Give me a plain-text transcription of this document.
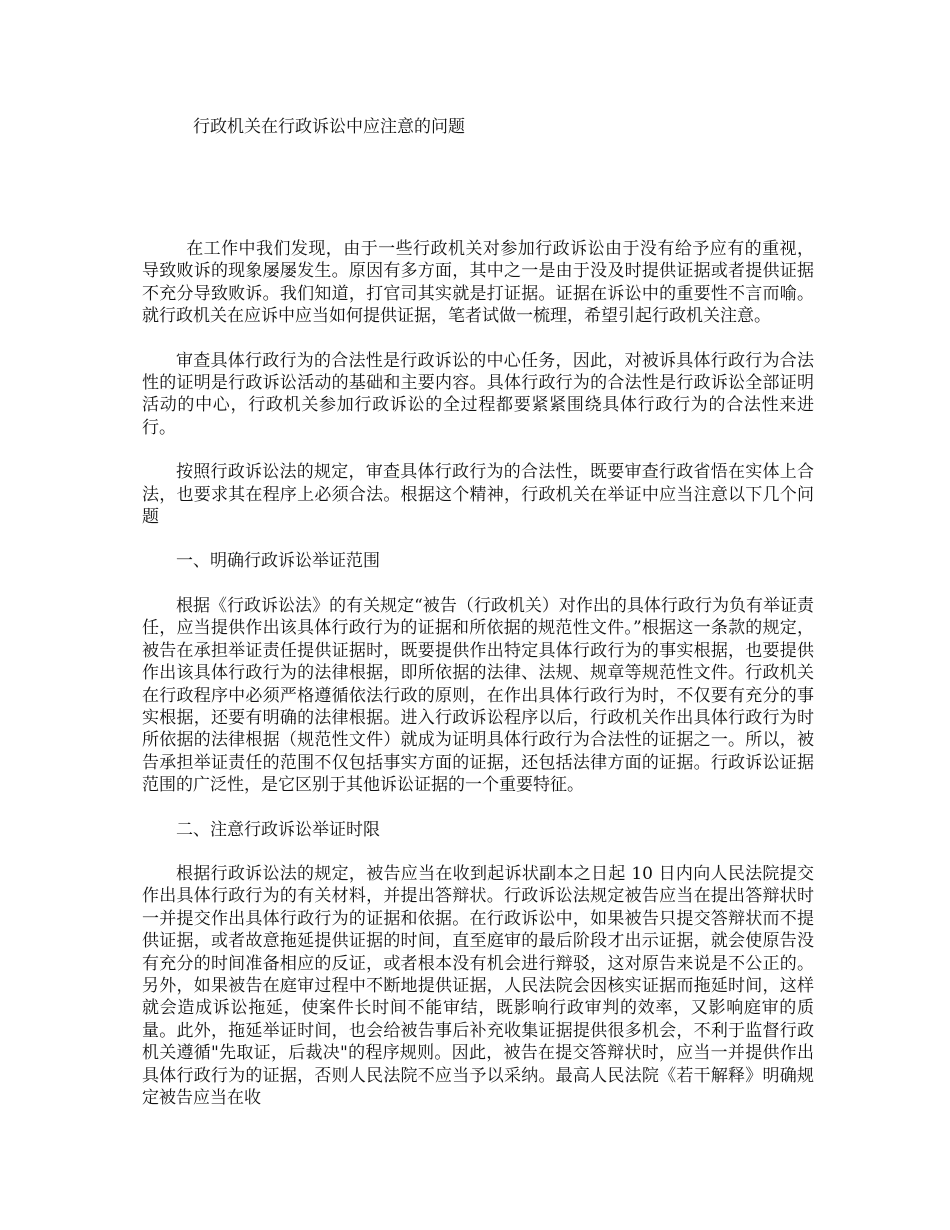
行政机关在行政诉讼中应注意的问题

在工作中我们发现，由于一些行政机关对参加行政诉讼由于没有给予应有的重视，导致败诉的现象屡屡发生。原因有多方面，其中之一是由于没及时提供证据或者提供证据不充分导致败诉。我们知道，打官司其实就是打证据。证据在诉讼中的重要性不言而喻。就行政机关在应诉中应当如何提供证据，笔者试做一梳理，希望引起行政机关注意。

审查具体行政行为的合法性是行政诉讼的中心任务，因此，对被诉具体行政行为合法性的证明是行政诉讼活动的基础和主要内容。具体行政行为的合法性是行政诉讼全部证明活动的中心，行政机关参加行政诉讼的全过程都要紧紧围绕具体行政行为的合法性来进行。

按照行政诉讼法的规定，审查具体行政行为的合法性，既要审查行政省悟在实体上合法，也要求其在程序上必须合法。根据这个精神，行政机关在举证中应当注意以下几个问题

一、明确行政诉讼举证范围

根据《行政诉讼法》的有关规定“被告（行政机关）对作出的具体行政行为负有举证责任，应当提供作出该具体行政行为的证据和所依据的规范性文件。”根据这一条款的规定，被告在承担举证责任提供证据时，既要提供作出特定具体行政行为的事实根据，也要提供作出该具体行政行为的法律根据，即所依据的法律、法规、规章等规范性文件。行政机关在行政程序中必须严格遵循依法行政的原则，在作出具体行政行为时，不仅要有充分的事实根据，还要有明确的法律根据。进入行政诉讼程序以后，行政机关作出具体行政行为时所依据的法律根据（规范性文件）就成为证明具体行政行为合法性的证据之一。所以，被告承担举证责任的范围不仅包括事实方面的证据，还包括法律方面的证据。行政诉讼证据范围的广泛性，是它区别于其他诉讼证据的一个重要特征。

二、注意行政诉讼举证时限

根据行政诉讼法的规定，被告应当在收到起诉状副本之日起 10 日内向人民法院提交作出具体行政行为的有关材料，并提出答辩状。行政诉讼法规定被告应当在提出答辩状时一并提交作出具体行政行为的证据和依据。在行政诉讼中，如果被告只提交答辩状而不提供证据，或者故意拖延提供证据的时间，直至庭审的最后阶段才出示证据，就会使原告没有充分的时间准备相应的反证，或者根本没有机会进行辩驳，这对原告来说是不公正的。另外，如果被告在庭审过程中不断地提供证据，人民法院会因核实证据而拖延时间，这样就会造成诉讼拖延，使案件长时间不能审结，既影响行政审判的效率，又影响庭审的质量。此外，拖延举证时间，也会给被告事后补充收集证据提供很多机会，不利于监督行政机关遵循"先取证，后裁决"的程序规则。因此，被告在提交答辩状时，应当一并提供作出具体行政行为的证据，否则人民法院不应当予以采纳。最高人民法院《若干解释》明确规定被告应当在收
